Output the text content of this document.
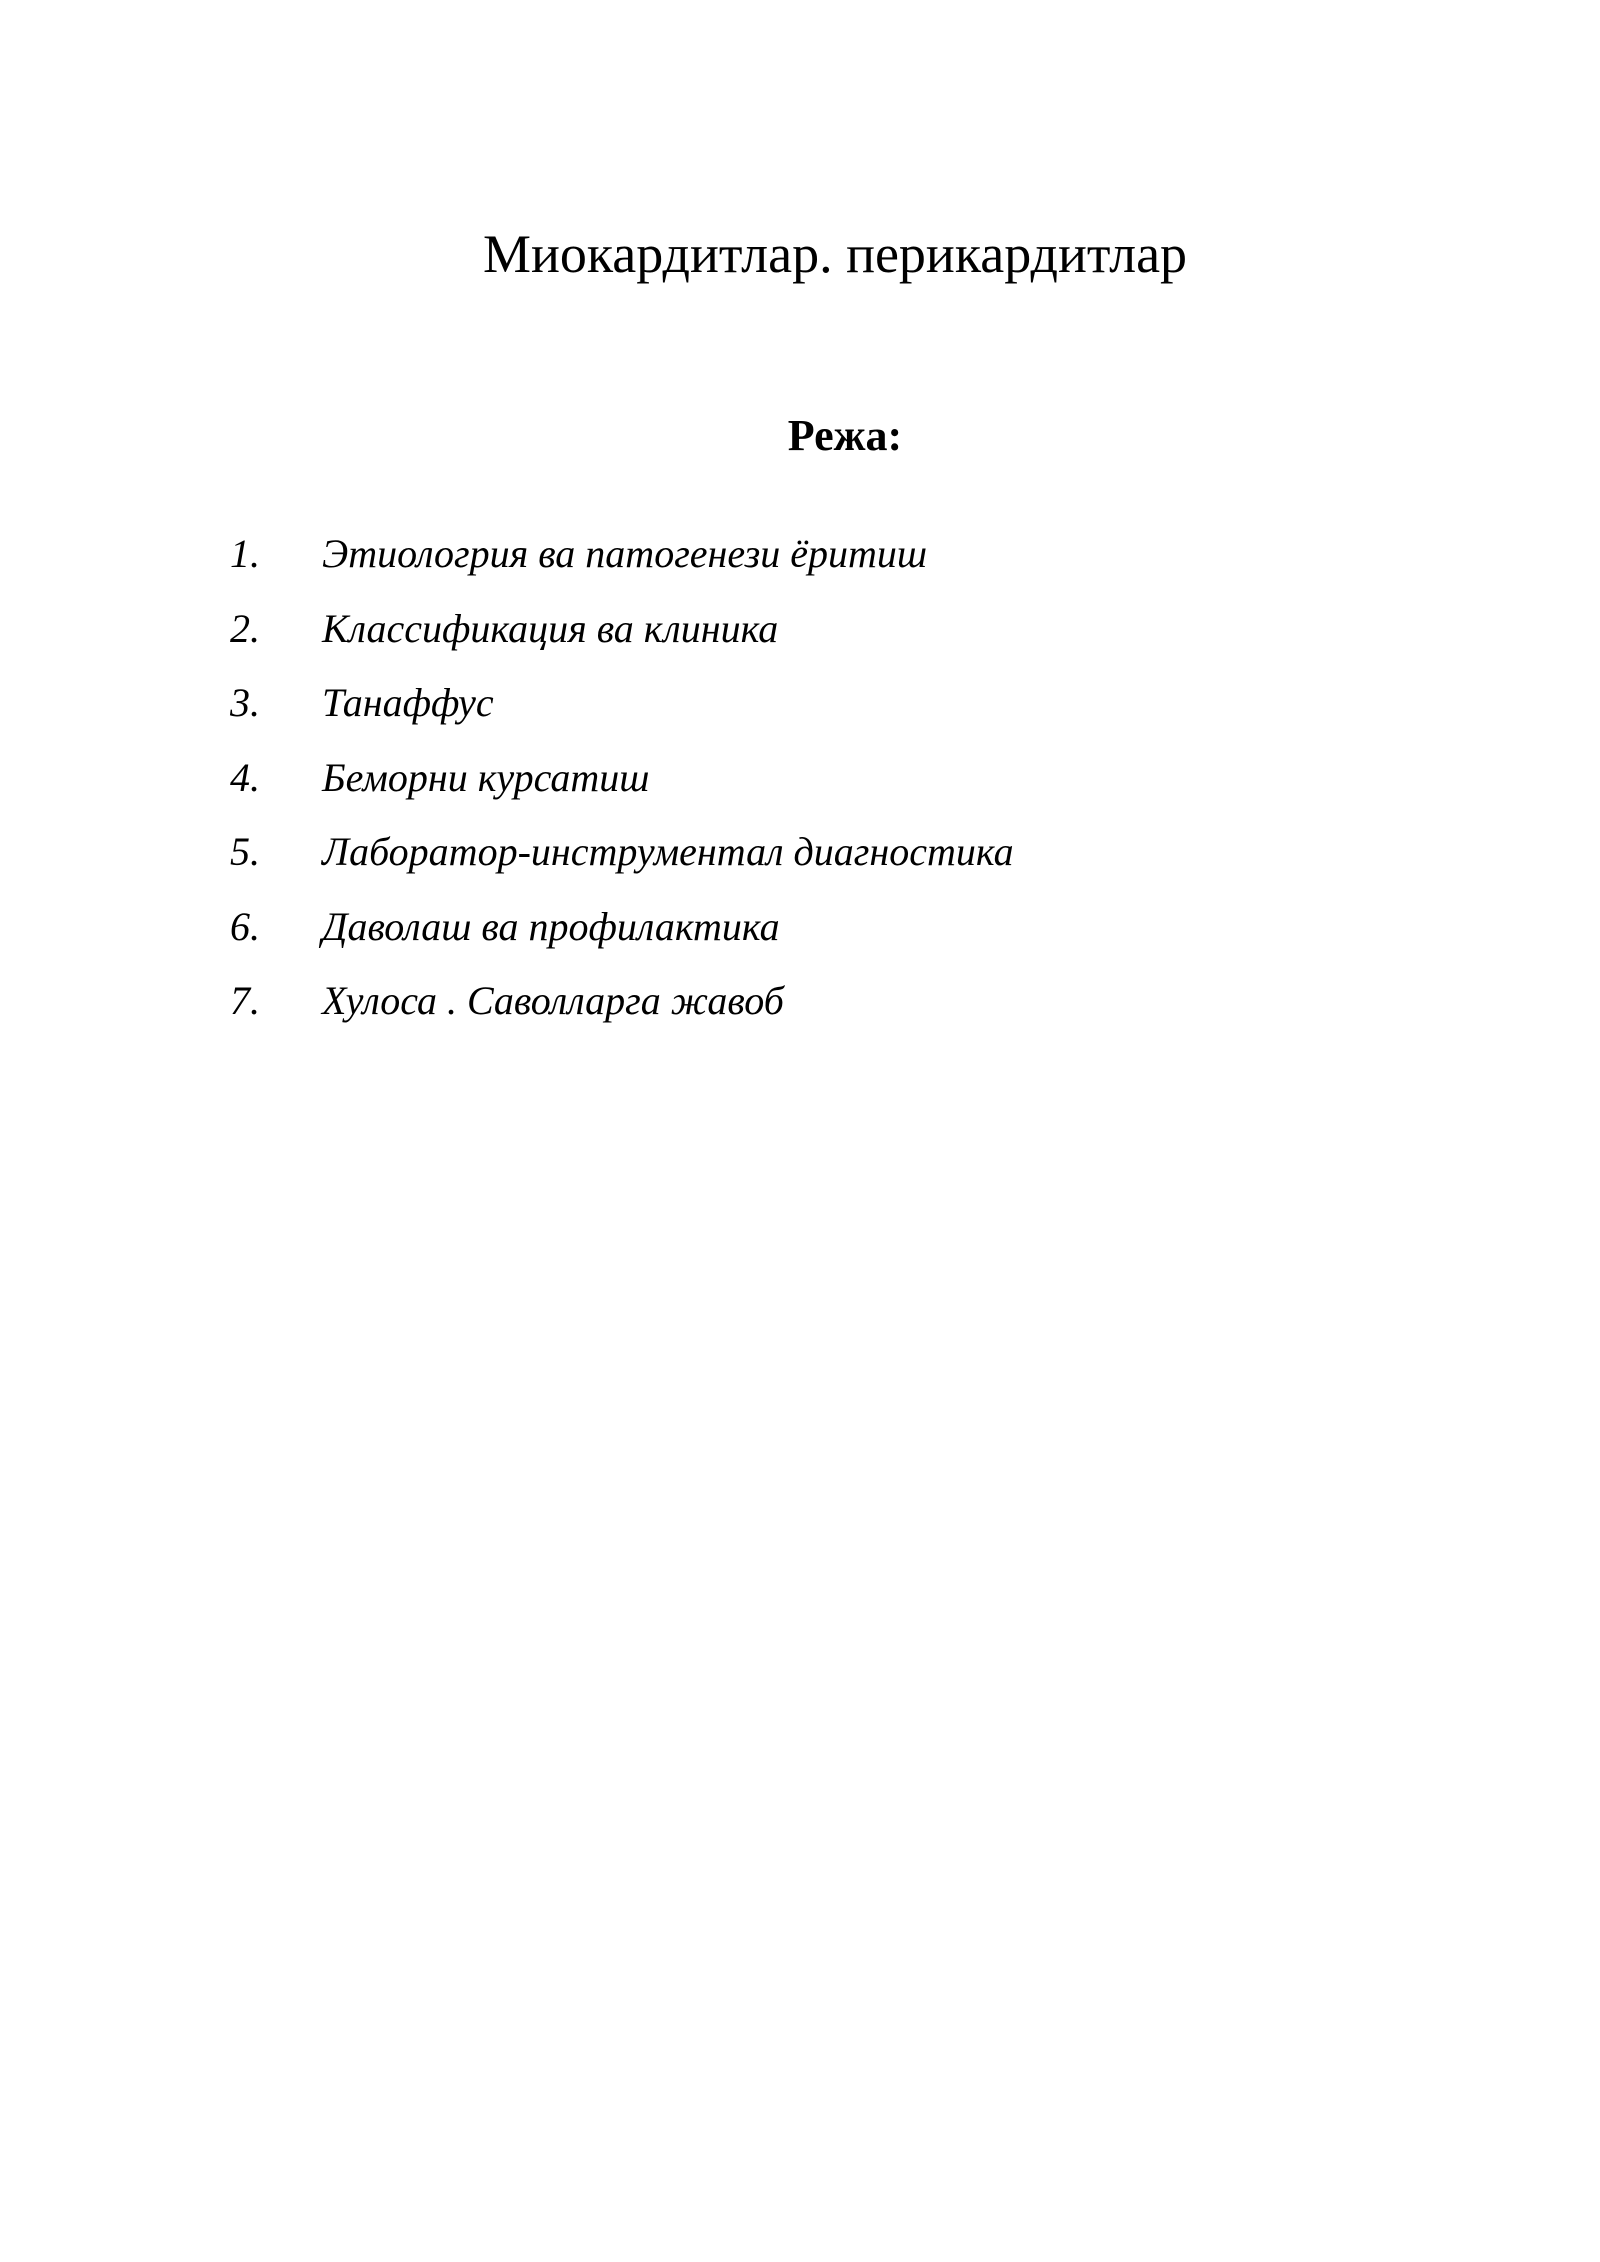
Миокардитлар. перикардитлар
Режа:
1.	Этиологрия ва патогенези ёритиш
2.	Классификация ва клиника
3.	Танаффус
4.	Беморни курсатиш
5.	Лаборатор-инструментал диагностика
6.	Даволаш ва профилактика
7.	Хулоса . Саволларга жавоб
